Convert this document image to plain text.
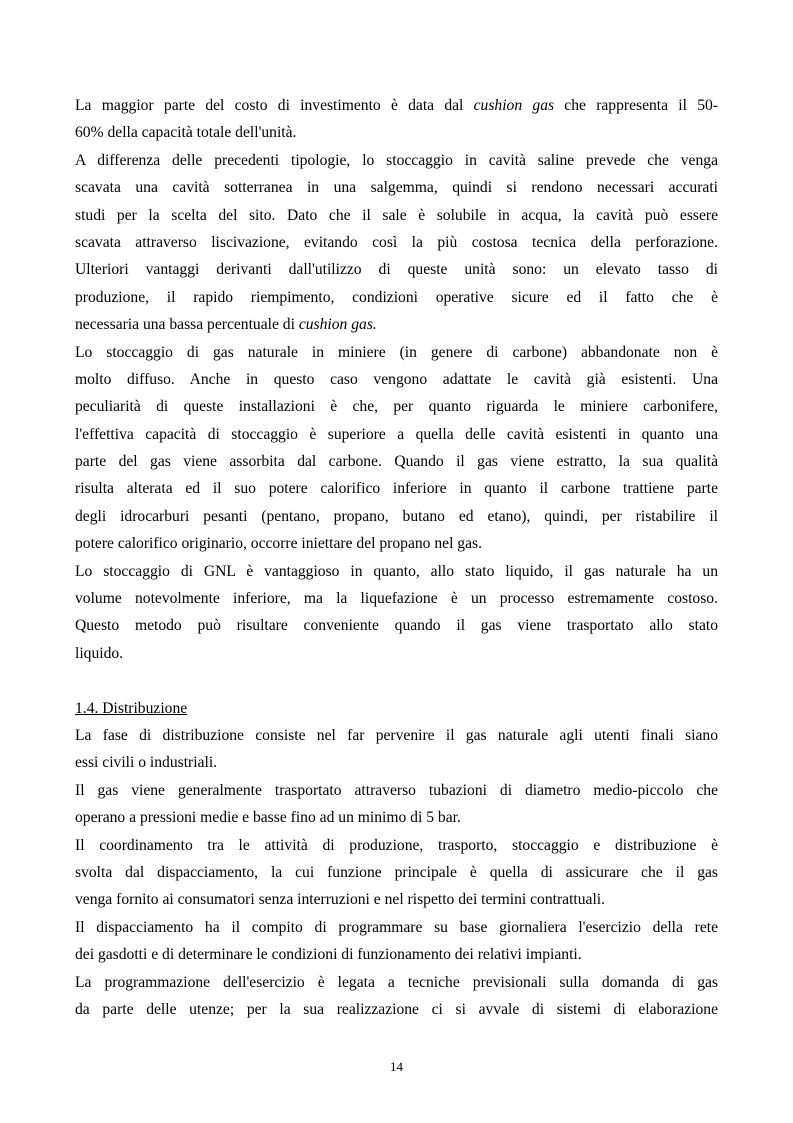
La maggior parte del costo di investimento è data dal cushion gas che rappresenta il 50-
60% della capacità totale dell'unità.
A differenza delle precedenti tipologie, lo stoccaggio in cavità saline prevede che venga
scavata una cavità sotterranea in una salgemma, quindi si rendono necessari accurati
studi per la scelta del sito. Dato che il sale è solubile in acqua, la cavità può essere
scavata attraverso liscivazione, evitando così la più costosa tecnica della perforazione.
Ulteriori vantaggi derivanti dall'utilizzo di queste unità sono: un elevato tasso di
produzione, il rapido riempimento, condizioni operative sicure ed il fatto che è
necessaria una bassa percentuale di cushion gas.
Lo stoccaggio di gas naturale in miniere (in genere di carbone) abbandonate non è
molto diffuso. Anche in questo caso vengono adattate le cavità già esistenti. Una
peculiarità di queste installazioni è che, per quanto riguarda le miniere carbonifere,
l'effettiva capacità di stoccaggio è superiore a quella delle cavità esistenti in quanto una
parte del gas viene assorbita dal carbone. Quando il gas viene estratto, la sua qualità
risulta alterata ed il suo potere calorifico inferiore in quanto il carbone trattiene parte
degli idrocarburi pesanti (pentano, propano, butano ed etano), quindi, per ristabilire il
potere calorifico originario, occorre iniettare del propano nel gas.
Lo stoccaggio di GNL è vantaggioso in quanto, allo stato liquido, il gas naturale ha un
volume notevolmente inferiore, ma la liquefazione è un processo estremamente costoso.
Questo metodo può risultare conveniente quando il gas viene trasportato allo stato
liquido.
1.4. Distribuzione
La fase di distribuzione consiste nel far pervenire il gas naturale agli utenti finali siano
essi civili o industriali.
Il gas viene generalmente trasportato attraverso tubazioni di diametro medio-piccolo che
operano a pressioni medie e basse fino ad un minimo di 5 bar.
Il coordinamento tra le attività di produzione, trasporto, stoccaggio e distribuzione è
svolta dal dispacciamento, la cui funzione principale è quella di assicurare che il gas
venga fornito ai consumatori senza interruzioni e nel rispetto dei termini contrattuali.
Il dispacciamento ha il compito di programmare su base giornaliera l'esercizio della rete
dei gasdotti e di determinare le condizioni di funzionamento dei relativi impianti.
La programmazione dell'esercizio è legata a tecniche previsionali sulla domanda di gas
da parte delle utenze; per la sua realizzazione ci si avvale di sistemi di elaborazione
14
